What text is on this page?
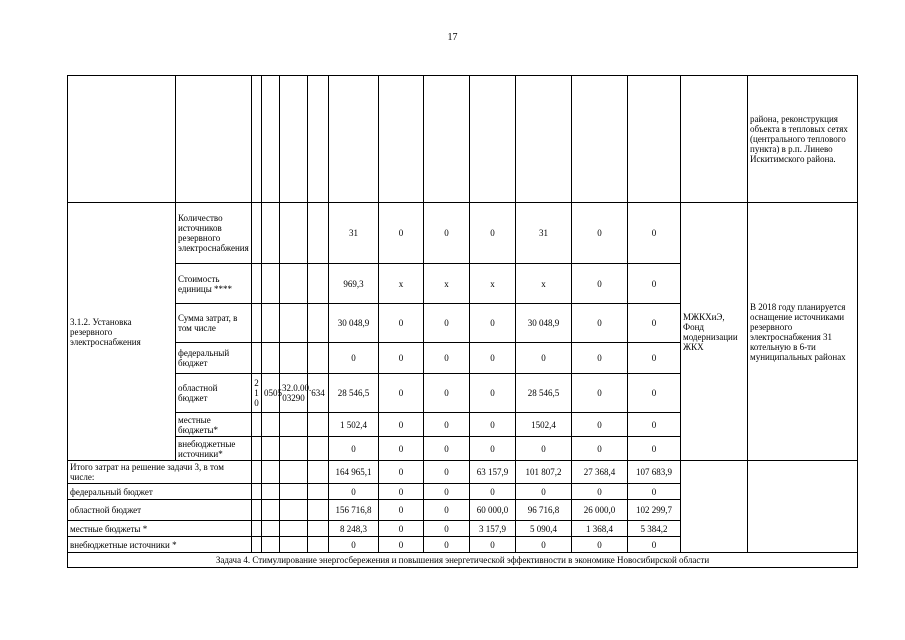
17
														района, реконструкция объекта в тепловых сетях (центрального теплового пункта) в р.п. Линево Искитимского района.
3.1.2. Установка резервного электроснабжения	Количество источников резервного электроснабжения					31	0	0	0	31	0	0	МЖКХиЭ, Фонд модернизации ЖКХ	В 2018 году планируется оснащение источниками резервного электроснабжения 31 котельную в 6-ти муниципальных районах
	Стоимость единицы ****					969,3	x	x	x	x	0	0		
	Сумма затрат, в том числе					30 048,9	0	0	0	30 048,9	0	0		
	федеральный бюджет					0	0	0	0	0	0	0		
	областной бюджет	2 1 0	0505	32.0.00. 03290	634	28 546,5	0	0	0	28 546,5	0	0		
	местные бюджеты*					1 502,4	0	0	0	1502,4	0	0		
	внебюджетные источники*					0	0	0	0	0	0	0		
Итого затрат на решение задачи 3, в том числе:						164 965,1	0	0	63 157,9	101 807,2	27 368,4	107 683,9		
федеральный бюджет						0	0	0	0	0	0	0		
областной бюджет						156 716,8	0	0	60 000,0	96 716,8	26 000,0	102 299,7		
местные бюджеты *						8 248,3	0	0	3 157,9	5 090,4	1 368,4	5 384,2		
внебюджетные источники *						0	0	0	0	0	0	0		
Задача 4. Стимулирование энергосбережения и повышения энергетической эффективности в экономике Новосибирской области														
